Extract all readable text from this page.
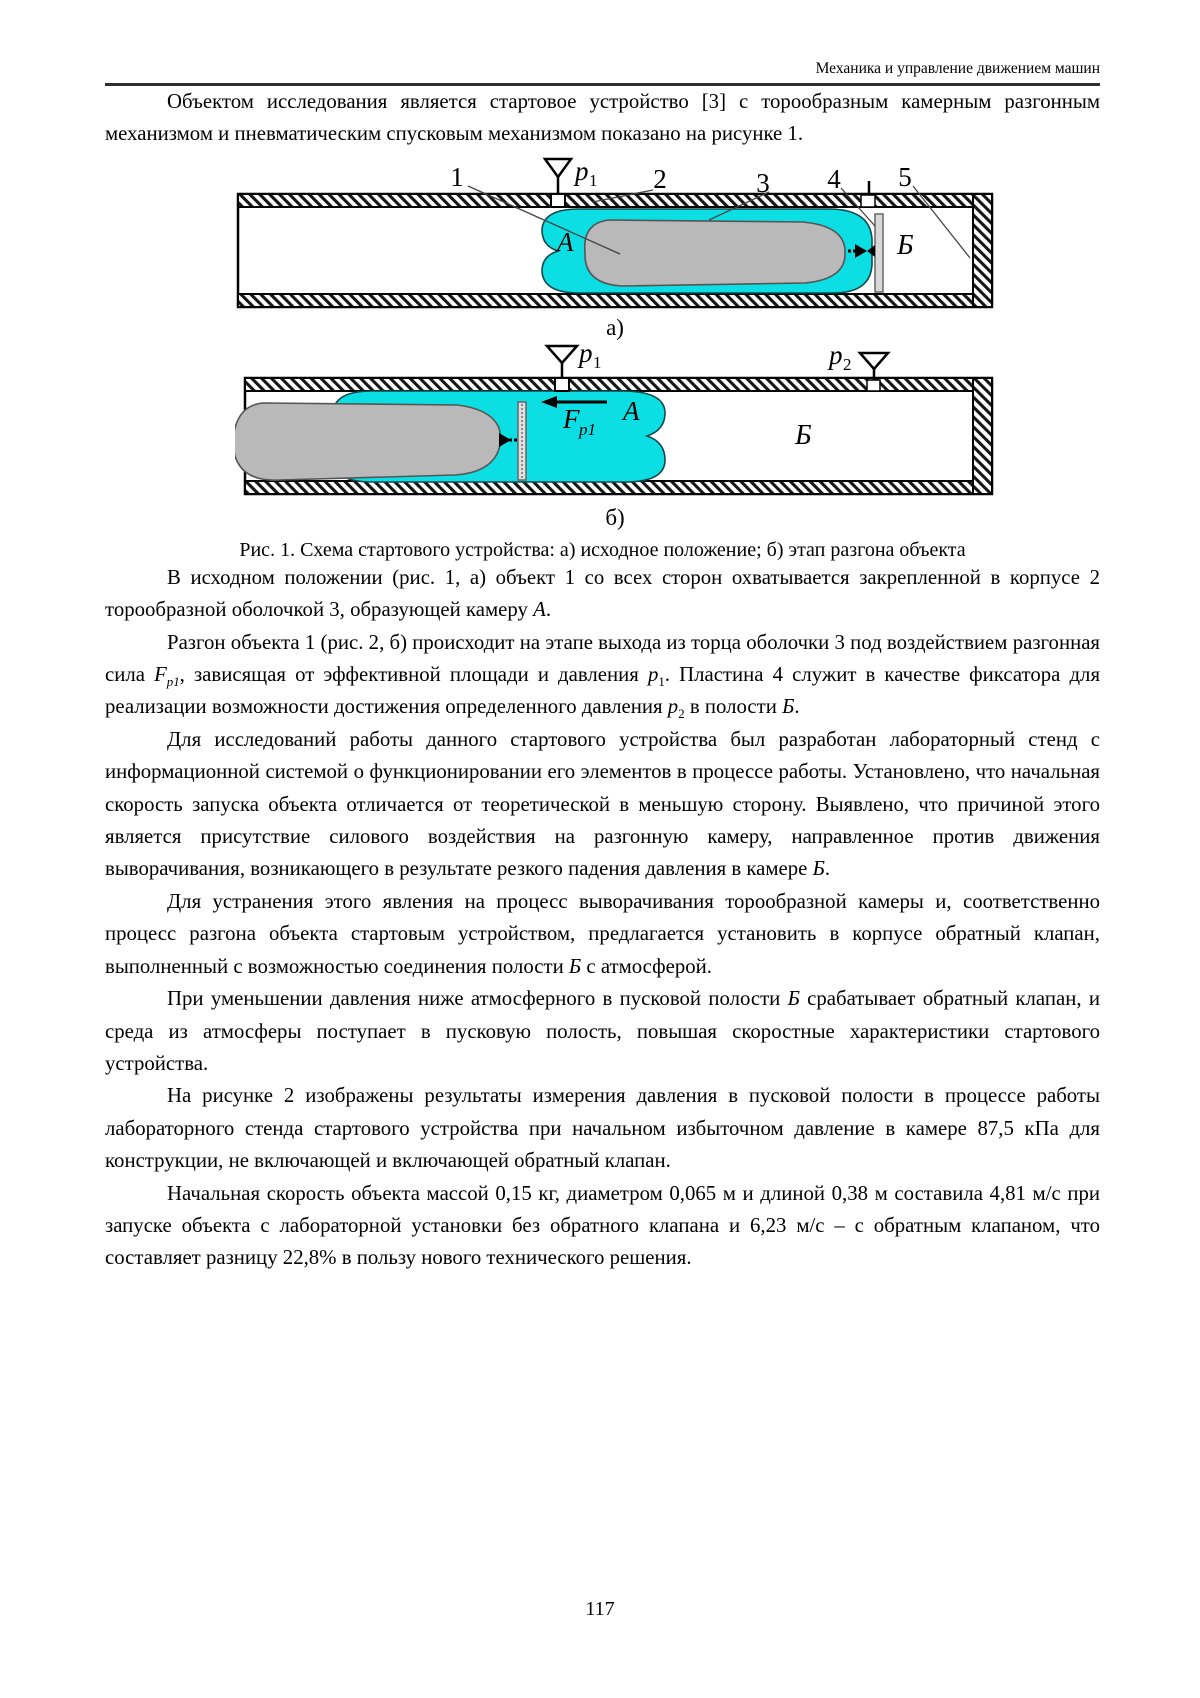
Механика и управление движением машин

Объектом исследования является стартовое устройство [3] с торообразным камерным разгонным механизмом и пневматическим спусковым механизмом показано на рисунке 1.

1	2	3 4 5
p 1
A	Б
а)
p 1	p 2
F p1
A
Б
б)
Рис. 1. Схема стартового устройства: а) исходное положение; б) этап разгона объекта

В исходном положении (рис. 1, а) объект 1 со всех сторон охватывается закрепленной в корпусе 2 торообразной оболочкой 3, образующей камеру А.

Разгон объекта 1 (рис. 2, б) происходит на этапе выхода из торца оболочки 3 под воздействием разгонная сила $F_{p1}$, зависящая от эффективной площади и давления $p_1$. Пластина 4 служит в качестве фиксатора для реализации возможности достижения определенного давления $p_2$ в полости Б.

Для исследований работы данного стартового устройства был разработан лабораторный стенд с информационной системой о функционировании его элементов в процессе работы. Установлено, что начальная скорость запуска объекта отличается от теоретической в меньшую сторону. Выявлено, что причиной этого является присутствие силового воздействия на разгонную камеру, направленное против движения выворачивания, возникающего в результате резкого падения давления в камере Б.

Для устранения этого явления на процесс выворачивания торообразной камеры и, соответственно процесс разгона объекта стартовым устройством, предлагается установить в корпусе обратный клапан, выполненный с возможностью соединения полости Б с атмосферой.

При уменьшении давления ниже атмосферного в пусковой полости Б срабатывает обратный клапан, и среда из атмосферы поступает в пусковую полость, повышая скоростные характеристики стартового устройства.

На рисунке 2 изображены результаты измерения давления в пусковой полости в процессе работы лабораторного стенда стартового устройства при начальном избыточном давление в камере 87,5 кПа для конструкции, не включающей и включающей обратный клапан.

Начальная скорость объекта массой 0,15 кг, диаметром 0,065 м и длиной 0,38 м составила 4,81 м/с при запуске объекта с лабораторной установки без обратного клапана и 6,23 м/с – с обратным клапаном, что составляет разницу 22,8% в пользу нового технического решения.

117
